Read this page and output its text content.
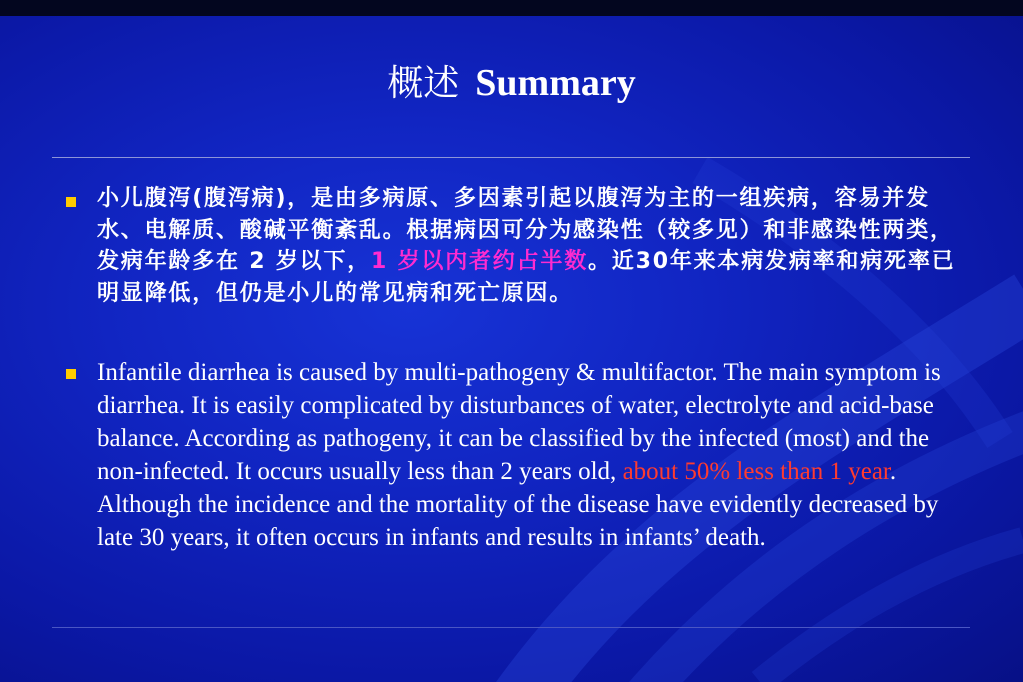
概述 Summary
小儿腹泻(腹泻病)，是由多病原、多因素引起以腹泻为主的一组疾病，容易并发水、电解质、酸碱平衡紊乱。根据病因可分为感染性（较多见）和非感染性两类，发病年龄多在 2 岁以下，1 岁以内者约占半数。近30年来本病发病率和病死率已明显降低，但仍是小儿的常见病和死亡原因。
Infantile diarrhea is caused by multi-pathogeny & multifactor. The main symptom is diarrhea. It is easily complicated by disturbances of water, electrolyte and acid-base balance. According as pathogeny, it can be classified by the infected (most) and the non-infected. It occurs usually less than 2 years old, about 50% less than 1 year. Although the incidence and the mortality of the disease have evidently decreased by late 30 years, it often occurs in infants and results in infants’ death.
